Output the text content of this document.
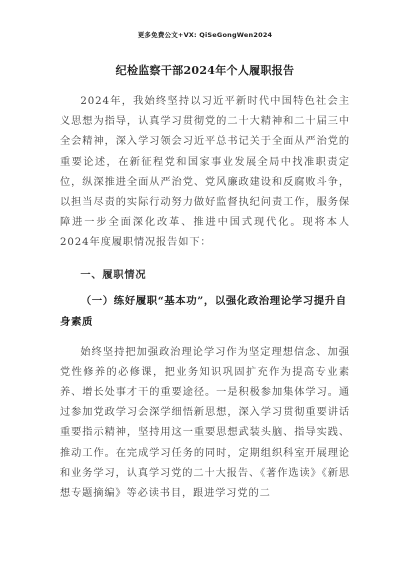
更多免费公文+VX: QiSeGongWen2024
纪检监察干部2024年个人履职报告

2024年，我始终坚持以习近平新时代中国特色社会主义思想为指导，认真学习贯彻党的二十大精神和二十届三中全会精神，深入学习领会习近平总书记关于全面从严治党的重要论述，在新征程党和国家事业发展全局中找准职责定位，纵深推进全面从严治党、党风廉政建设和反腐败斗争，以担当尽责的实际行动努力做好监督执纪问责工作，服务保障进一步全面深化改革、推进中国式现代化。现将本人2024年度履职情况报告如下：

一、履职情况
（一）练好履职“基本功”，以强化政治理论学习提升自身素质

始终坚持把加强政治理论学习作为坚定理想信念、加强党性修养的必修课，把业务知识巩固扩充作为提高专业素养、增长处事才干的重要途径。一是积极参加集体学习。通过参加党政学习会深学细悟新思想，深入学习贯彻重要讲话重要指示精神，坚持用这一重要思想武装头脑、指导实践、推动工作。在完成学习任务的同时，定期组织科室开展理论和业务学习，认真学习党的二十大报告、《著作选读》《新思想专题摘编》等必读书目，跟进学习党的二
